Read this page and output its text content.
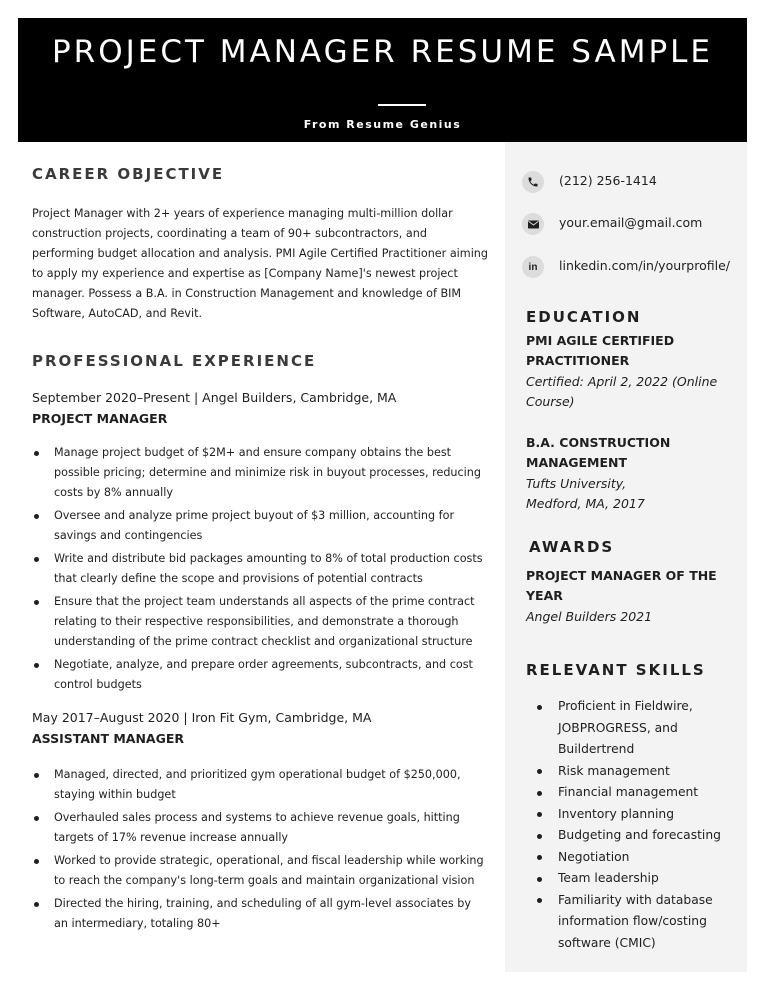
PROJECT MANAGER RESUME SAMPLE
From Resume Genius
CAREER OBJECTIVE
Project Manager with 2+ years of experience managing multi-million dollar construction projects, coordinating a team of 90+ subcontractors, and performing budget allocation and analysis. PMI Agile Certified Practitioner aiming to apply my experience and expertise as [Company Name]'s newest project manager. Possess a B.A. in Construction Management and knowledge of BIM Software, AutoCAD, and Revit.
PROFESSIONAL EXPERIENCE
September 2020–Present | Angel Builders, Cambridge, MA
PROJECT MANAGER
Manage project budget of $2M+ and ensure company obtains the best possible pricing; determine and minimize risk in buyout processes, reducing costs by 8% annually
Oversee and analyze prime project buyout of $3 million, accounting for savings and contingencies
Write and distribute bid packages amounting to 8% of total production costs that clearly define the scope and provisions of potential contracts
Ensure that the project team understands all aspects of the prime contract relating to their respective responsibilities, and demonstrate a thorough understanding of the prime contract checklist and organizational structure
Negotiate, analyze, and prepare order agreements, subcontracts, and cost control budgets
May 2017–August 2020 | Iron Fit Gym, Cambridge, MA
ASSISTANT MANAGER
Managed, directed, and prioritized gym operational budget of $250,000, staying within budget
Overhauled sales process and systems to achieve revenue goals, hitting targets of 17% revenue increase annually
Worked to provide strategic, operational, and fiscal leadership while working to reach the company's long-term goals and maintain organizational vision
Directed the hiring, training, and scheduling of all gym-level associates by an intermediary, totaling 80+
(212) 256-1414
your.email@gmail.com
in linkedin.com/in/yourprofile/
EDUCATION
PMI AGILE CERTIFIED PRACTITIONER
Certified: April 2, 2022 (Online Course)
B.A. CONSTRUCTION MANAGEMENT
Tufts University, Medford, MA, 2017
AWARDS
PROJECT MANAGER OF THE YEAR
Angel Builders 2021
RELEVANT SKILLS
Proficient in Fieldwire, JOBPROGRESS, and Buildertrend
Risk management
Financial management
Inventory planning
Budgeting and forecasting
Negotiation
Team leadership
Familiarity with database information flow/costing software (CMIC)
